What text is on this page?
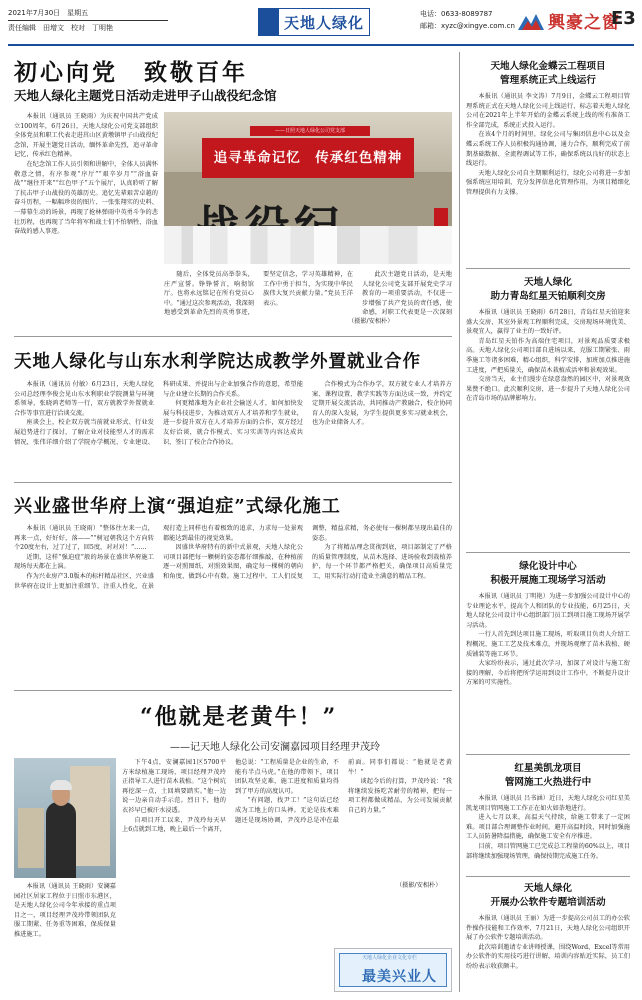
2021年7月30日　星期五
责任编辑　田增文　校对　丁明艳	天地人绿化	电话：0633-8089787
邮箱：xyzc@xingye.com.cn 興豪之窗
E3
初心向党　致敬百年
天地人绿化主题党日活动走进甲子山战役纪念馆

本报讯（通讯员 王晓雨）为庆祝中国共产党成立100周年，6月26日，天地人绿化公司党支部组织全体党员和职工代表走进莒山区黄墩镇甲子山战役纪念馆，开展主题党日活动，缅怀革命先烈，追寻革命记忆，传承红色精神。

在纪念馆工作人员引领和讲解中，全体人员满怀敬意之情，有序参观“序厅”“艰辛岁月”“浴血奋战”“继往开来”“红色甲子”五个展厅，认真聆听了解了抗击甲子山战役的英雄历史。追忆先辈艰苦卓越的奋斗历程，一幅幅珍贵的图片、一张张翔实的史料、一幕幕生动的场景，再现了抢林弹雨中英勇斗争的悲壮历程，也再现了当年将军和战士们不怕牺牲、浴血奋战的感人事迹。

——日照天地人绿化公司党支部
追寻革命记忆　传承红色精神

随后，全体党员高举拳头，庄严宣誓。铮铮誓言，响彻馆厅。也将永远铭记在所有党员心中。“通过这次参观活动，我深刻地感受到革命先烈的英勇事迹，要坚定信念，学习英雄精神，在工作中勇于担当，为实现中华民族伟大复兴贡献力量。”党员王洋表示。

此次主题党日活动，是天地人绿化公司党支部开展党史学习教育的一项重要活动，不仅进一步增强了共产党员的责任感，使命感，对职工代表更是一次深刻

（摄影/安相朴）
天地人绿化与山东水利学院达成教学外置就业合作

本报讯（通讯员 付敏）6月23日，天地人绿化公司总经理李俊会见山东水利职业学院测量与环境系领导，张晓鸿老师等一行，双方就教学外置就业合作等事宜进行洽谈交流。

座谈会上，校企双方就当前就业形式、行业发展趋势进行了探讨，了解企业对技能型人才的需求情况，张伟详细介绍了学院办学概况、专业建设、科研成果、并提出与企业加强合作的意愿，希望能与企业建立长期的合作关系。

何更精准地为企业社会输送人才，如何加快发展与科技进步，为推动双方人才培养和学生就业，进一步提升双方在人才培养方面的合作，双方经过友好洽谈，就合作模式、实习实训等内容达成共识，签订了校企合作协议。

合作模式为合作办学，双方就专业人才培养方案、课程设置、教学实践等方面达成一致，并约定定期开展交流活动，共同推动产教融合，校企协同育人的深入发展，为学生提供更多实习就业机会，也为企业储备人才。

兴业盛世华府上演“强迫症”式绿化施工

本报讯（通讯员 王晓雨）“整体往左来一点，再来一点，好好好，落——”“树冠朝我这个方向转个20度左右，过了过了，回5度，对对对！”……

近期，这样“强迫症”般的场景在盛世华府施工现场每天都在上演。

作为兴业房产3.0版本的标杆精品社区，兴业盛世华府在设计上更加注重细节、注重人性化，在景观打造上同样也有着极致的追求，力求每一处景观都能达到最佳的视觉效果。

因盛世华府特有的新中式景观，天地人绿化公司项目部把每一颗树的姿态都仔细推敲，在种植前逐一对照图纸、对照效果图，确定每一棵树的朝向和角度，做到心中有数。施工过程中，工人们反复调整，精益求精，务必使每一棵树都呈现出最佳的姿态。

为了将精品理念贯彻到底，项目部制定了严格的质量管理制度，从苗木选择、进场验收到栽植养护，每一个环节都严格把关，确保项目高质量完工，用实际行动打造业主满意的精品工程。

“他就是老黄牛！”
——记天地人绿化公司安澜嘉园项目经理尹茂玲

本报讯（通讯员 王晓雨）安澜嘉园社区居家工程位于日照市东港区，是天地人绿化公司今年承接的重点项目之一，项目经理尹茂玲带领团队克服工期紧、任务重等困难，保质保量推进施工。

下午4点，安澜嘉园1区5700平方米绿植施工现场，项目经理尹茂玲正指导工人进行苗木栽植。“这个树坑再挖深一点，土回填要踏实。”他一边说一边亲自动手示范。烈日下，他的衣衫早已被汗水浸透。

自项目开工以来，尹茂玲每天早上6点就到工地，晚上最后一个离开，他总说：“工程质量是企业的生命，不能有半点马虎。”在他的带领下，项目团队攻坚克难，施工进度和质量均得到了甲方的高度认可。

“有问题，找尹工！”这句话已经成为工地上的口头禅。无论是技术难题还是现场协调，尹茂玲总是冲在最前面。同事们都说：“他就是老黄牛！”

谈起今后的打算，尹茂玲说：“我将继续发扬吃苦耐劳的精神，把每一项工程都做成精品，为公司发展贡献自己的力量。”

（摄影/安相朴）
天地人绿化企业文化专栏
最美兴业人
天地人绿化金蝶云工程项目
管理系统正式上线运行

本报讯（通讯员 李文涛）7月9日，金蝶云工程项目管理系统正式在天地人绿化公司上线运行，标志着天地人绿化公司在2021年上半年开始的金蝶云系统上线的所有准备工作全部完成，系统正式投入运行。

在该4个月的时间里，绿化公司与集团信息中心以及金蝶云系统工作人员积极沟通协调，通力合作，顺利完成了前期基础数据、全流程调试等工作，确保系统以良好的状态上线运行。

天地人绿化公司自主期顺利运行，绿化公司将进一步加强系统应用培训，充分发挥信息化管理作用，为项目精细化管理提供有力支撑。

天地人绿化
助力青岛红星天铂顺利交房

本报讯（通讯员 王晓雨）6月28日，青岛红星天铂迎来盛大交房，其室外景观工程顺利完成，交房现场环境优美、景观宜人，赢得了业主的一致好评。

青岛红星天铂作为高端住宅项目，对景观品质要求极高。天地人绿化公司项目部自进场以来，克服工期紧张、雨季施工等诸多困难，精心组织，科学安排，加班加点推进施工进度，严把质量关，确保苗木栽植成活率和景观效果。

交房当天，业主们漫步在绿意盎然的园区中，对景观效果赞不绝口。此次顺利交房，进一步提升了天地人绿化公司在青岛市场的品牌影响力。

绿化设计中心
积极开展施工现场学习活动

本报讯（通讯员 丁明艳）为进一步加强公司设计中心的专业理论水平，提高个人和团队的专业技能，6月25日，天地人绿化公司设计中心组织部门员工到项目施工现场开展学习活动。

一行人首先到达项目施工现场，听取项目负责人介绍工程概况、施工工艺及技术难点，并现场观摩了苗木栽植、硬质铺装等施工环节。

大家纷纷表示，通过此次学习，加深了对设计与施工衔接的理解，今后将把所学运用到设计工作中，不断提升设计方案的可实施性。

红星美凯龙项目
管网施工火热进行中

本报讯（通讯员 吕书涵）近日，天地人绿化公司红星美凯龙项目管网施工工作正在如火如荼地进行。

进入七月以来，高温天气持续，给施工带来了一定困难。项目部合理调整作业时间，避开高温时段，同时加强施工人员防暑降温措施，确保施工安全有序推进。

目前，项目管网施工已完成总工程量的60%以上，项目部将继续加强现场管理，确保按期完成施工任务。

天地人绿化
开展办公软件专题培训活动

本报讯（通讯员 王丽）为进一步提高公司员工的办公软件操作技能和工作效率，7月21日，天地人绿化公司组织开展了办公软件专题培训活动。

此次培训邀请专业讲师授课，围绕Word、Excel等常用办公软件的实用技巧进行讲解，培训内容贴近实际，员工们纷纷表示收获颇丰。
